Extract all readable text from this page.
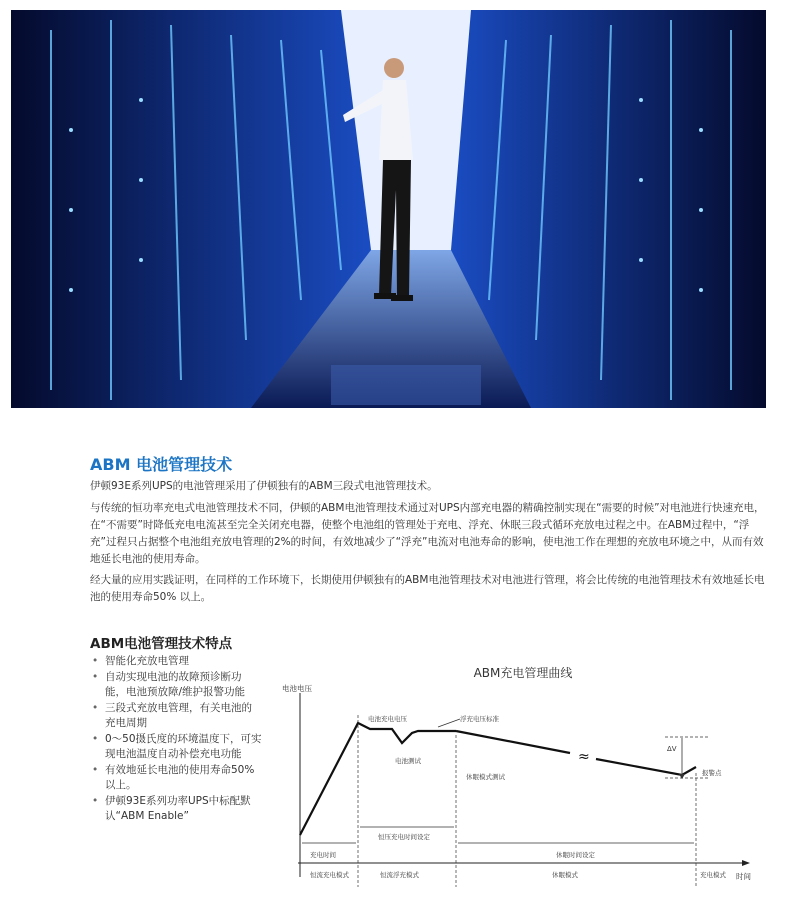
ABM 电池管理技术

伊顿93E系列UPS的电池管理采用了伊顿独有的ABM三段式电池管理技术。

与传统的恒功率充电式电池管理技术不同，伊顿的ABM电池管理技术通过对UPS内部充电器的精确控制实现在“需要的时候”对电池进行快速充电，在“不需要”时降低充电电流甚至完全关闭充电器，使整个电池组的管理处于充电、浮充、休眠三段式循环充放电过程之中。在ABM过程中，“浮充”过程只占据整个电池组充放电管理的2%的时间，有效地减少了“浮充”电流对电池寿命的影响，使电池工作在理想的充放电环境之中，从而有效地延长电池的使用寿命。

经大量的应用实践证明，在同样的工作环境下，长期使用伊顿独有的ABM电池管理技术对电池进行管理，将会比传统的电池管理技术有效地延长电池的使用寿命50% 以上。

ABM电池管理技术特点
• 智能化充放电管理
• 自动实现电池的故障预诊断功能，电池预放障/维护报警功能
• 三段式充放电管理，有关电池的充电周期
• 0～50摄氏度的环境温度下，可实现电池温度自动补偿充电功能
• 有效地延长电池的使用寿命50%以上。
• 伊顿93E系列功率UPS中标配默认“ABM Enable”
ABM充电管理曲线
电池电压
时间
≈
电池充电电压	浮充电压标准
电池测试
休眠模式测试
ΔV
报警点
充电时间
恒压充电时间设定
休眠时间设定
恒流充电模式	恒流浮充模式	休眠模式	充电模式
